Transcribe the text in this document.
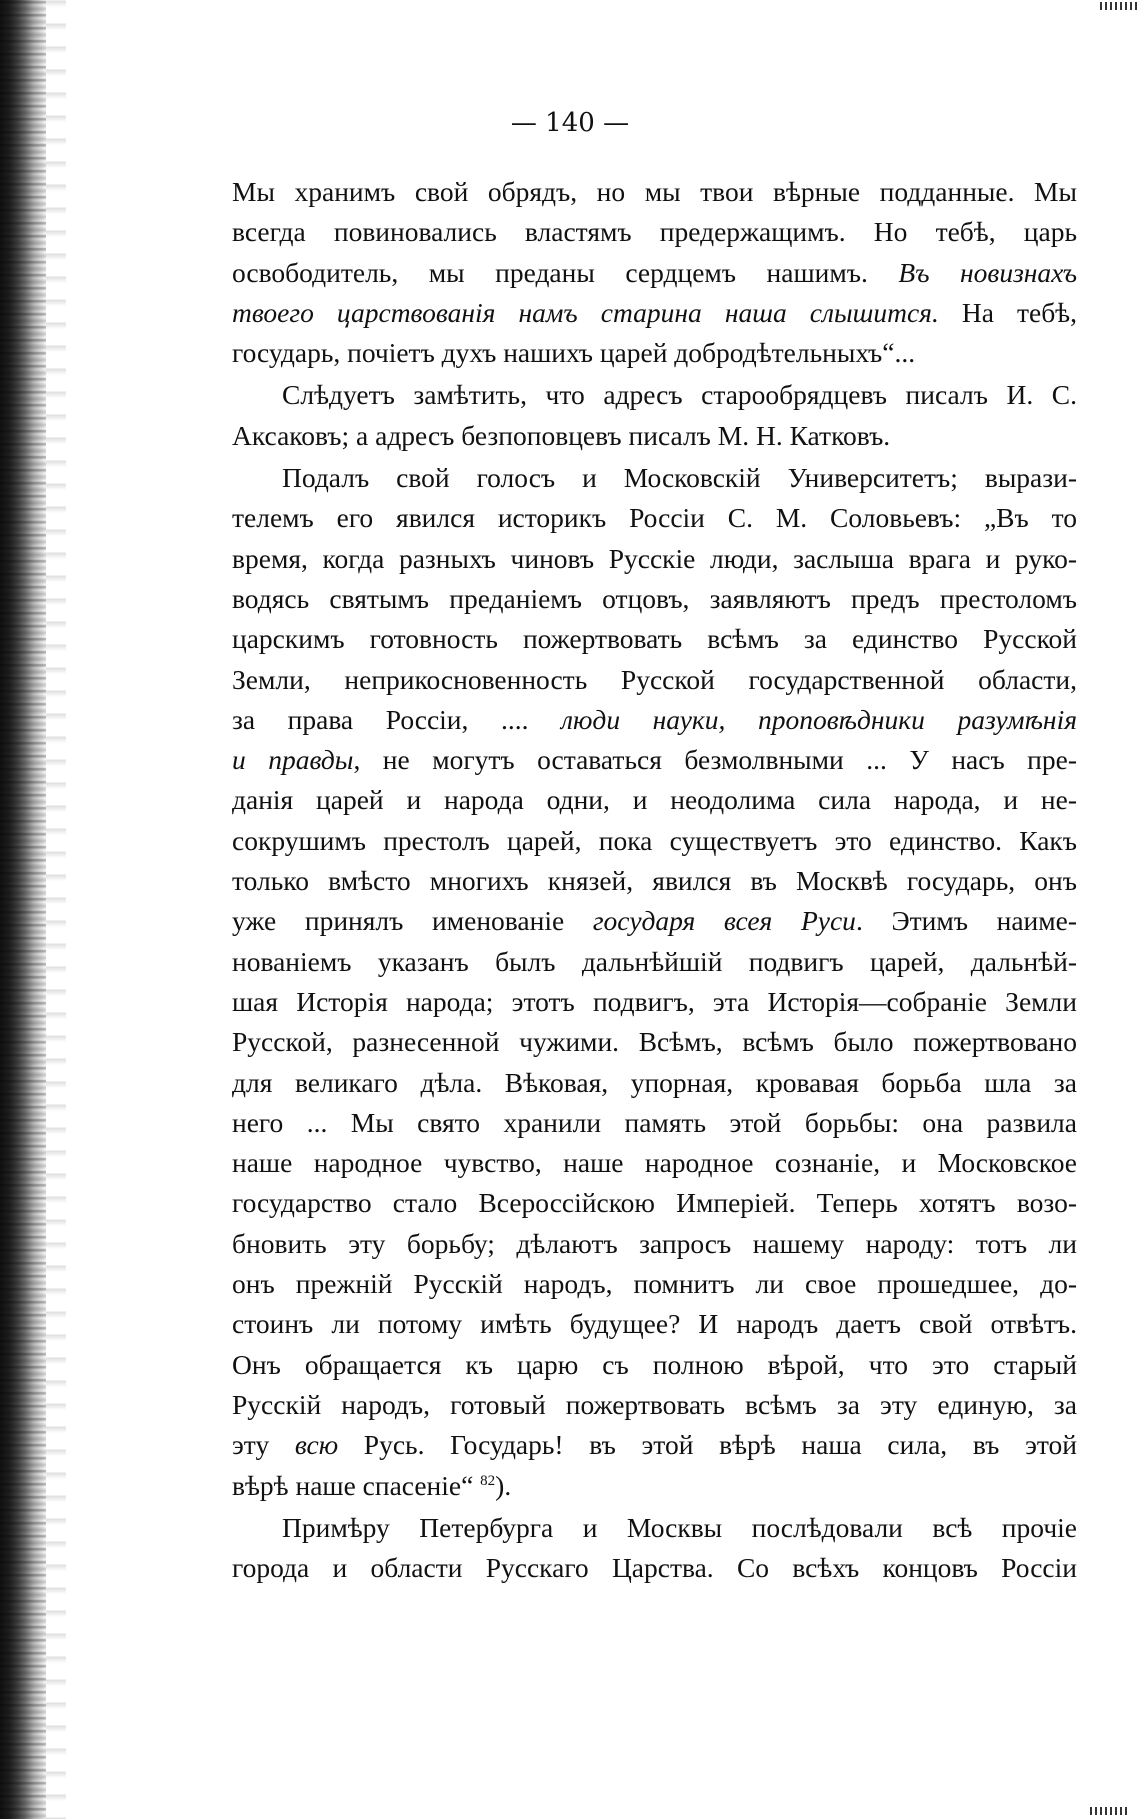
— 140 —
Мы хранимъ свой обрядъ, но мы твои вѣрные подданные. Мы
всегда повиновались властямъ предержащимъ. Но тебѣ, царь
освободитель, мы преданы сердцемъ нашимъ. Въ новизнахъ
твоего царствованія намъ старина наша слышится. На тебѣ,
государь, почіетъ духъ нашихъ царей добродѣтельныхъ“...
Слѣдуетъ замѣтить, что адресъ старообрядцевъ писалъ И. С.
Аксаковъ; а адресъ безпоповцевъ писалъ М. Н. Катковъ.
Подалъ свой голосъ и Московскій Университетъ; вырази-
телемъ его явился историкъ Россіи С. М. Соловьевъ: „Въ то
время, когда разныхъ чиновъ Русскіе люди, заслыша врага и руко-
водясь святымъ преданіемъ отцовъ, заявляютъ предъ престоломъ
царскимъ готовность пожертвовать всѣмъ за единство Русской
Земли, неприкосновенность Русской государственной области,
за права Россіи, .... люди науки, проповѣдники разумѣнія
и правды, не могутъ оставаться безмолвными ... У насъ пре-
данія царей и народа одни, и неодолима сила народа, и не-
сокрушимъ престолъ царей, пока существуетъ это единство. Какъ
только вмѣсто многихъ князей, явился въ Москвѣ государь, онъ
уже принялъ именованіе государя всея Руси. Этимъ наиме-
нованіемъ указанъ былъ дальнѣйшій подвигъ царей, дальнѣй-
шая Исторія народа; этотъ подвигъ, эта Исторія—собраніе Земли
Русской, разнесенной чужими. Всѣмъ, всѣмъ было пожертвовано
для великаго дѣла. Вѣковая, упорная, кровавая борьба шла за
него ... Мы свято хранили память этой борьбы: она развила
наше народное чувство, наше народное сознаніе, и Московское
государство стало Всероссійскою Имперіей. Теперь хотятъ возо-
бновить эту борьбу; дѣлаютъ запросъ нашему народу: тотъ ли
онъ прежній Русскій народъ, помнитъ ли свое прошедшее, до-
стоинъ ли потому имѣть будущее? И народъ даетъ свой отвѣтъ.
Онъ обращается къ царю съ полною вѣрой, что это старый
Русскій народъ, готовый пожертвовать всѣмъ за эту единую, за
эту всю Русь. Государь! въ этой вѣрѣ наша сила, въ этой
вѣрѣ наше спасеніе“ $^{82}$).
Примѣру Петербурга и Москвы послѣдовали всѣ прочіе
города и области Русскаго Царства. Со всѣхъ концовъ Россіи
